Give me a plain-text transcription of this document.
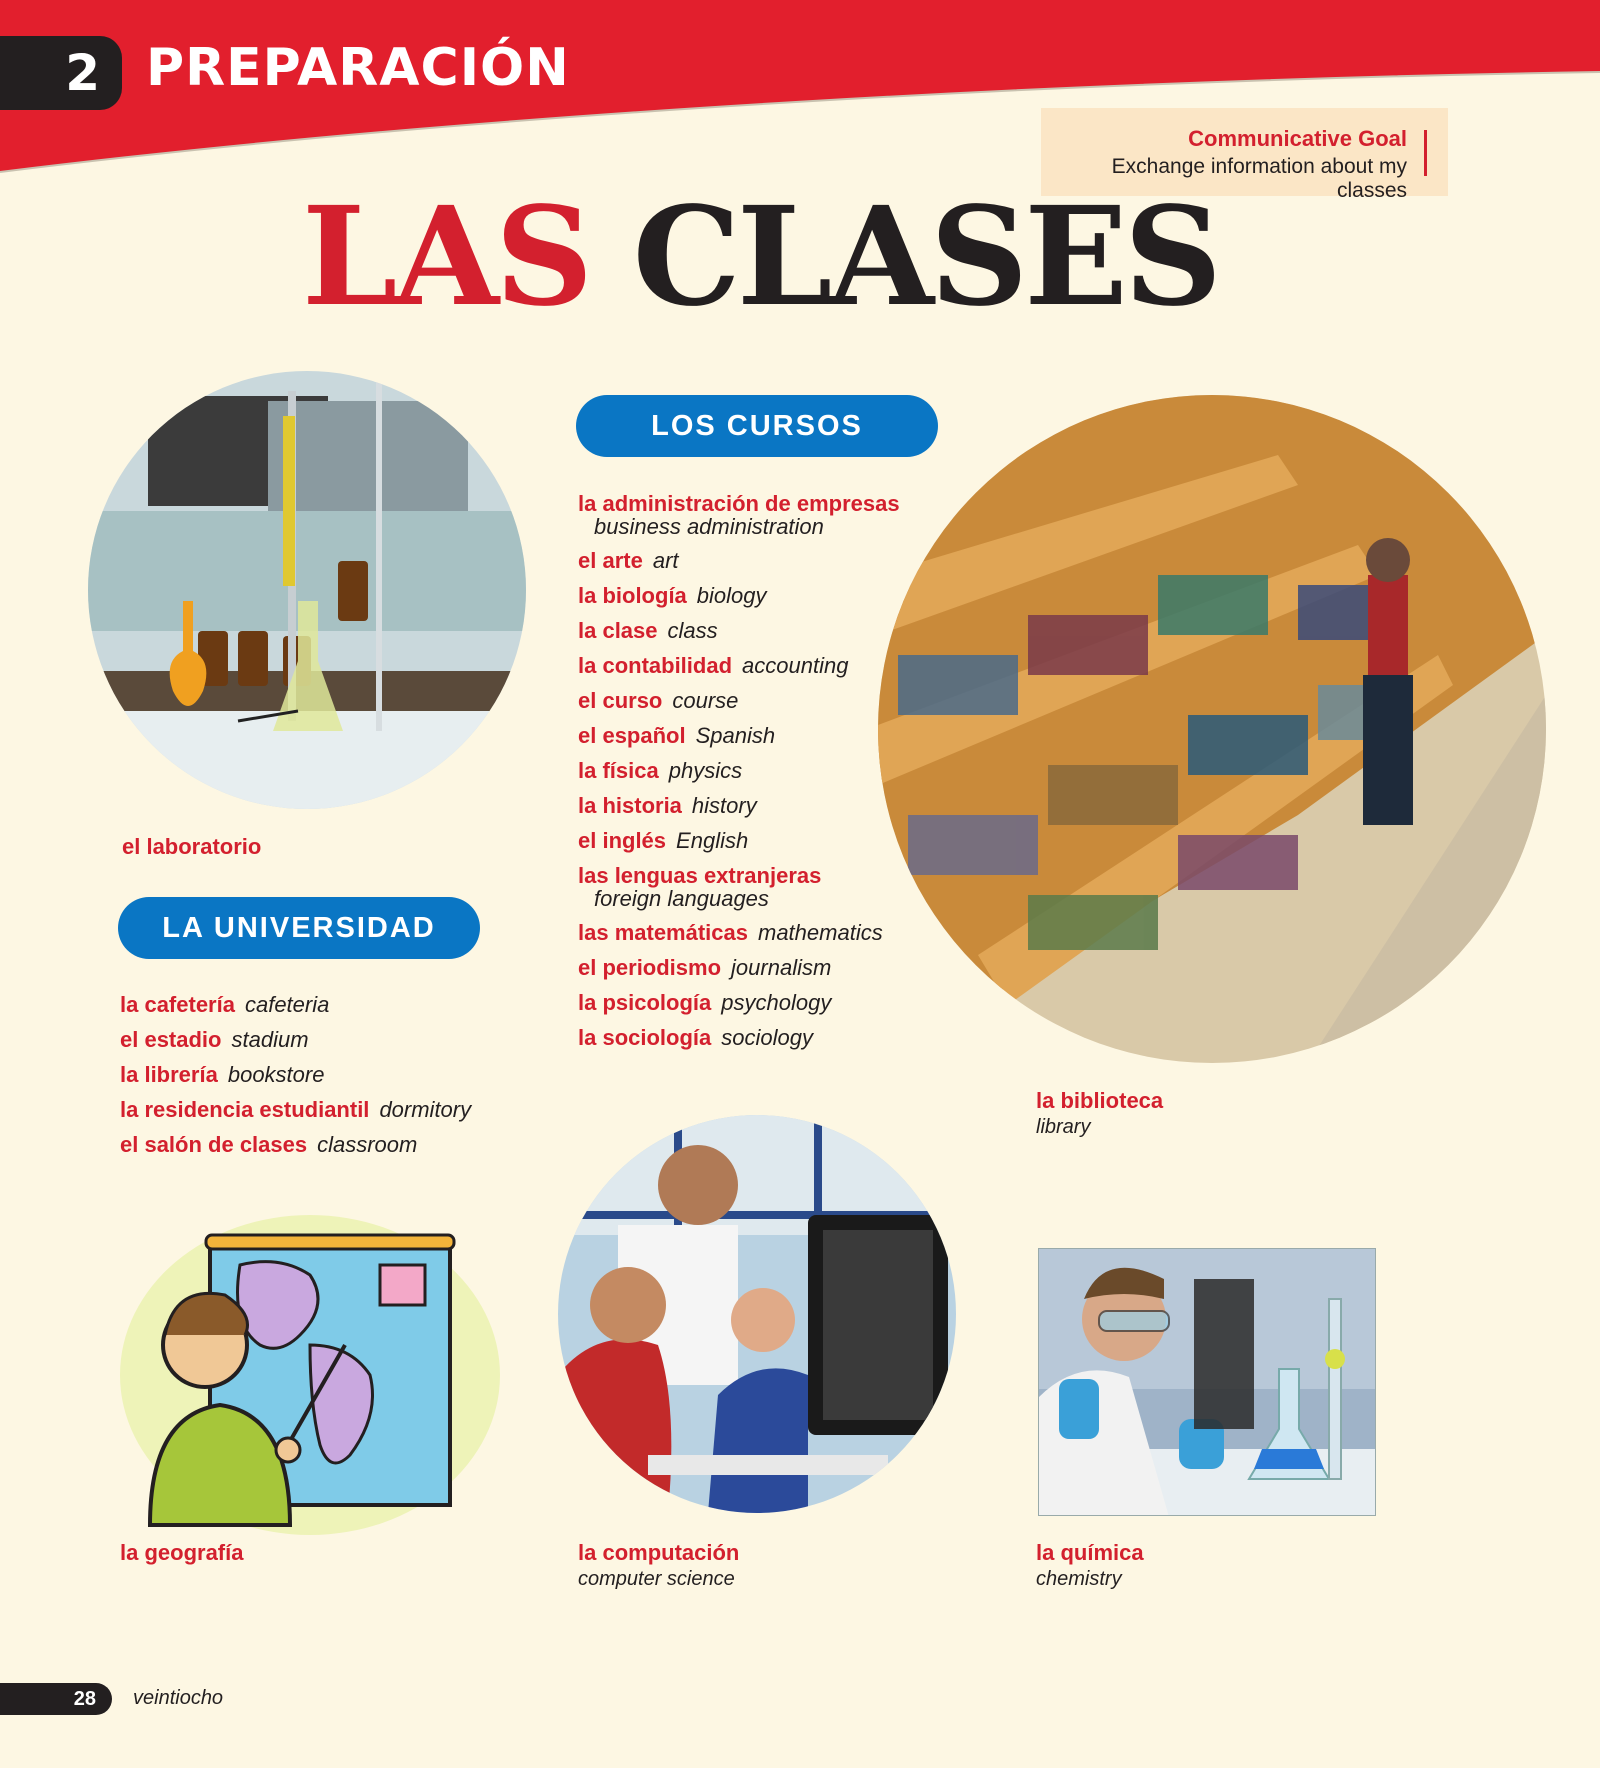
2 PREPARACIÓN
Communicative Goal
Exchange information about my classes
LAS CLASES
el laboratorio
LA UNIVERSIDAD
la cafetería cafeteria
el estadio stadium
la librería bookstore
la residencia estudiantil dormitory
el salón de clases classroom
LOS CURSOS
la administración de empresas
business administration
el arte art
la biología biology
la clase class
la contabilidad accounting
el curso course
el español Spanish
la física physics
la historia history
el inglés English
las lenguas extranjeras
foreign languages
las matemáticas mathematics
el periodismo journalism
la psicología psychology
la sociología sociology
la biblioteca
library
la geografía	la computación
computer science
la química
chemistry
28	veintiocho
